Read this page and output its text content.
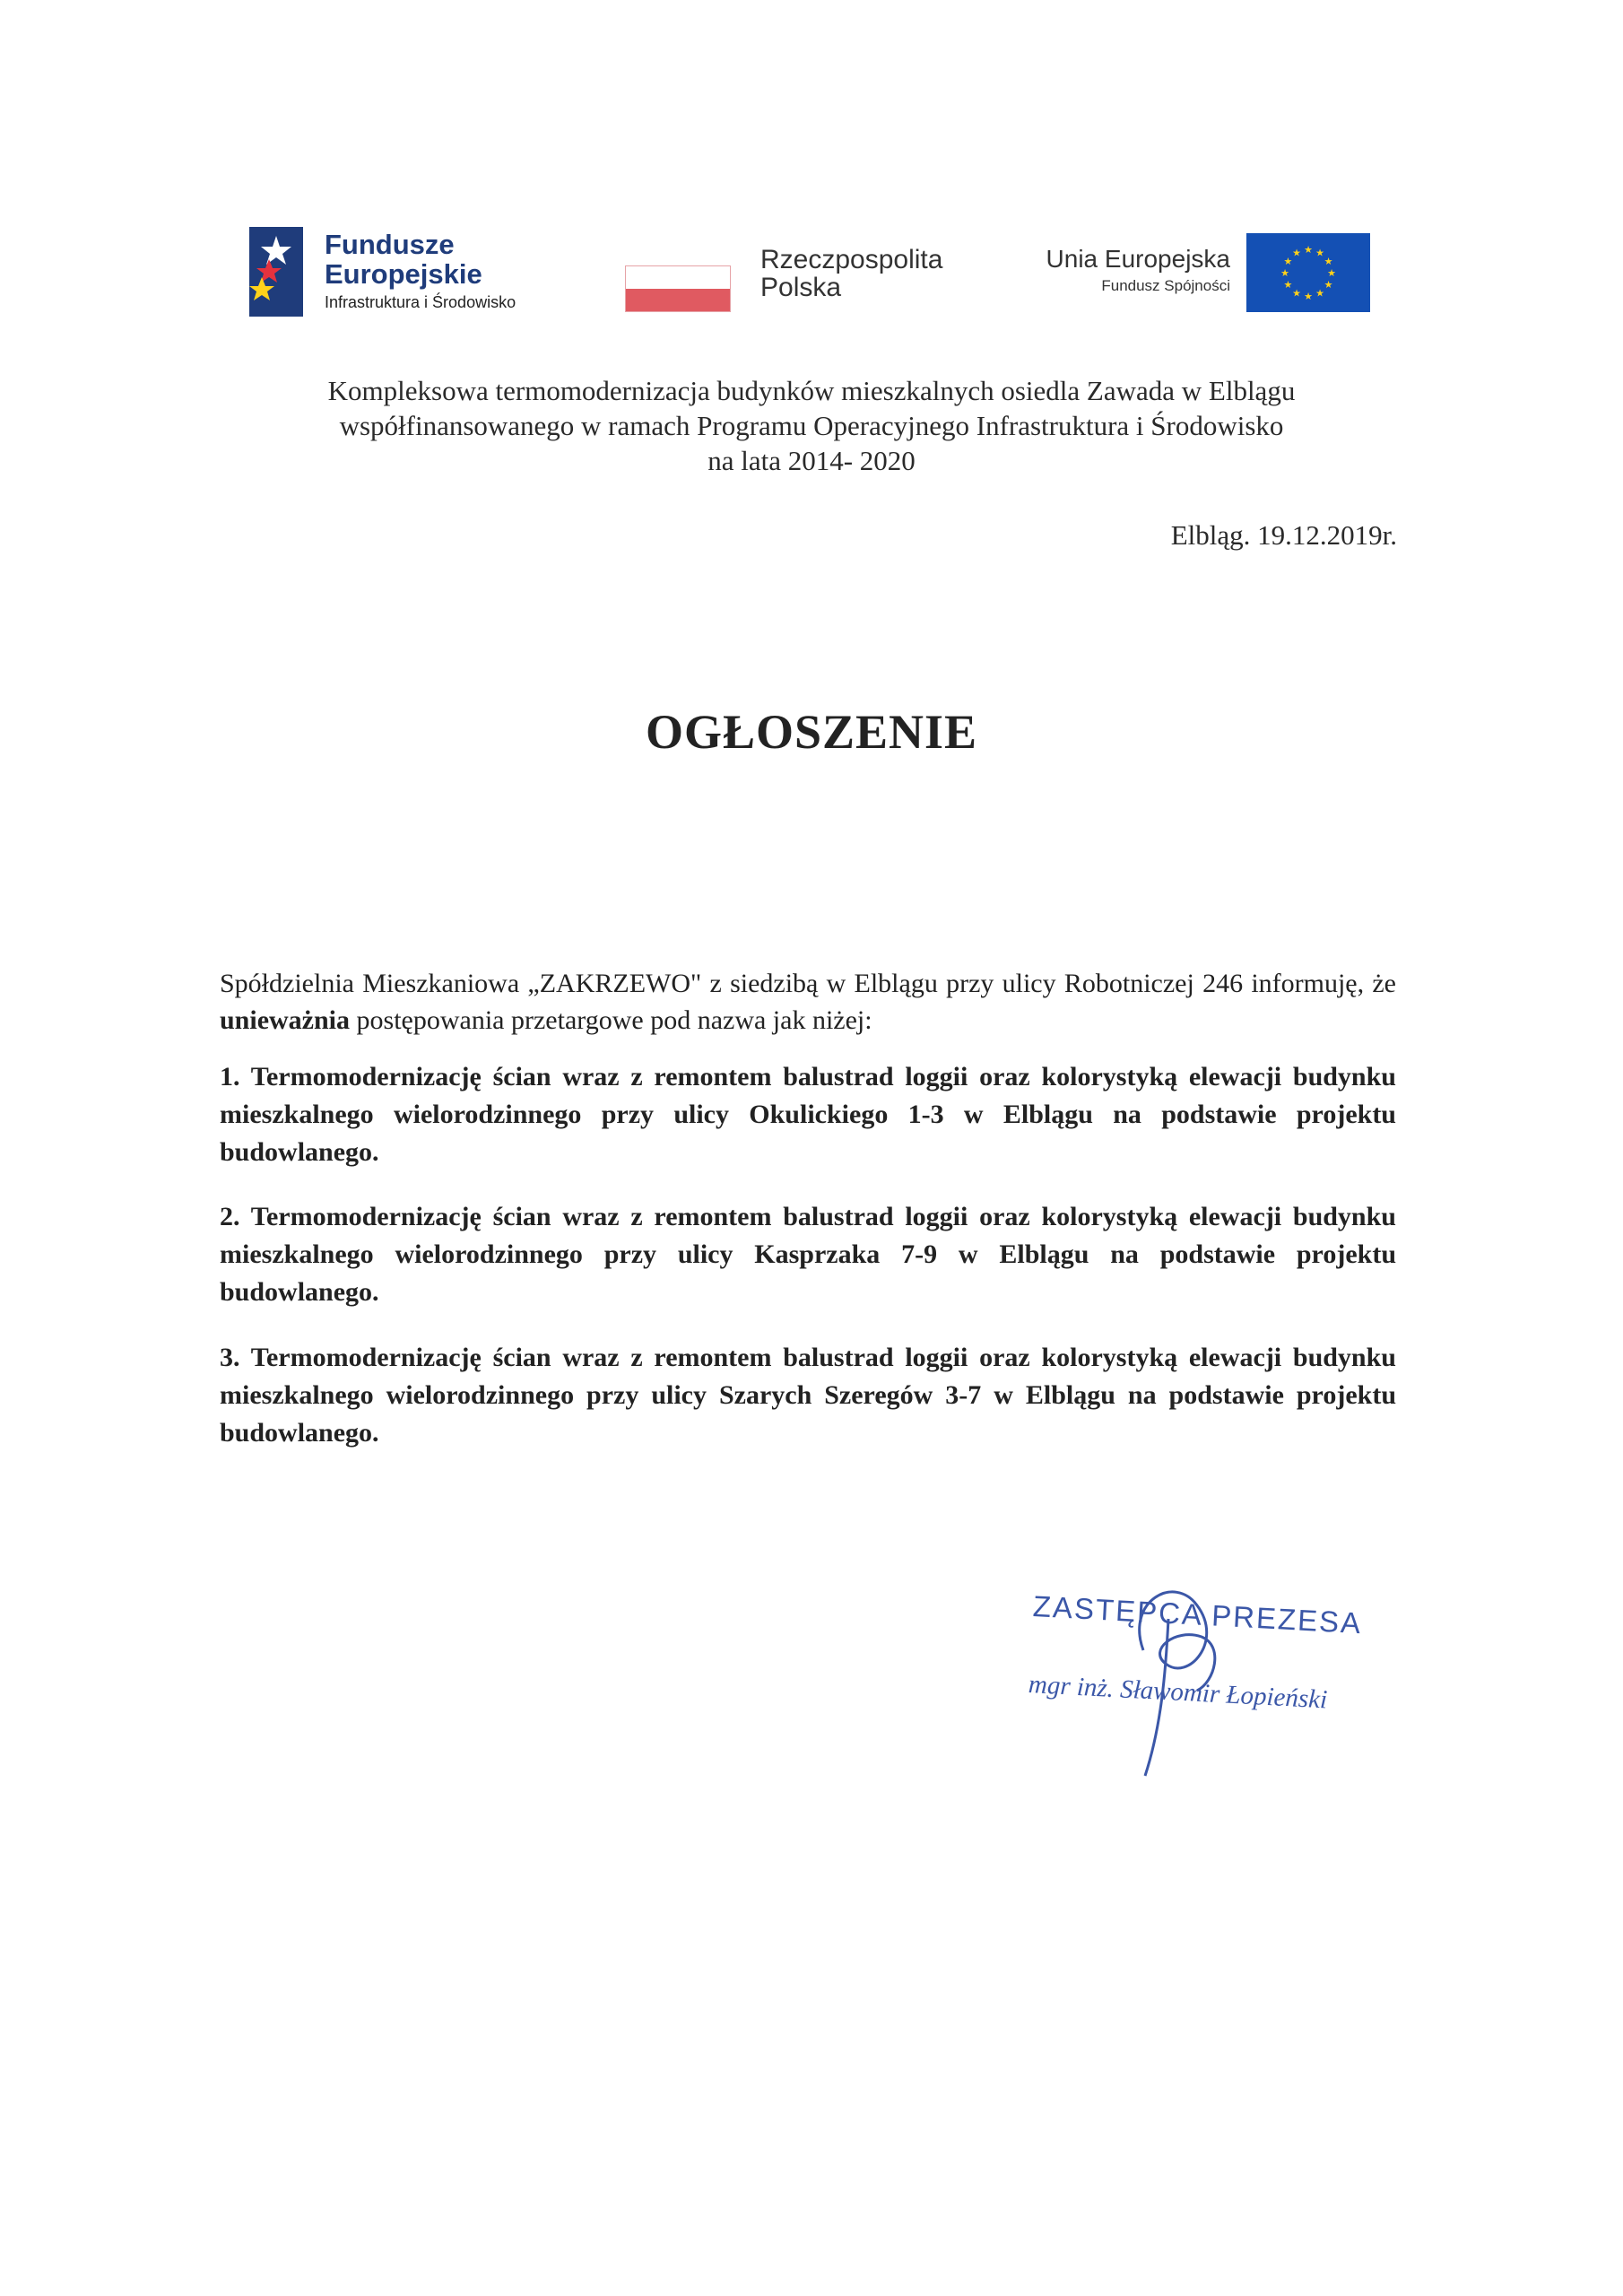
Fundusze
Europejskie
Infrastruktura i Środowisko
Rzeczpospolita
Polska
Unia Europejska
Fundusz Spójności
★ ★
★
★
★
★
★
★
★
★
★
★
Kompleksowa termomodernizacja budynków mieszkalnych osiedla Zawada w Elblągu
współfinansowanego w ramach Programu Operacyjnego Infrastruktura i Środowisko
na lata 2014- 2020
Elbląg. 19.12.2019r.
OGŁOSZENIE
Spółdzielnia Mieszkaniowa „ZAKRZEWO" z siedzibą w Elblągu przy ulicy Robotniczej 246 informuję, że unieważnia postępowania przetargowe pod nazwa jak niżej:
1. Termomodernizację ścian wraz z remontem balustrad loggii oraz kolorystyką elewacji budynku mieszkalnego wielorodzinnego przy ulicy Okulickiego 1-3 w Elblągu na podstawie projektu budowlanego.
2. Termomodernizację ścian wraz z remontem balustrad loggii oraz kolorystyką elewacji budynku mieszkalnego wielorodzinnego przy ulicy Kasprzaka 7-9 w Elblągu na podstawie projektu budowlanego.
3. Termomodernizację ścian wraz z remontem balustrad loggii oraz kolorystyką elewacji budynku mieszkalnego wielorodzinnego przy ulicy Szarych Szeregów 3-7 w Elblągu na podstawie projektu budowlanego.
ZASTĘPCA PREZESA
mgr inż. Sławomir Łopieński
